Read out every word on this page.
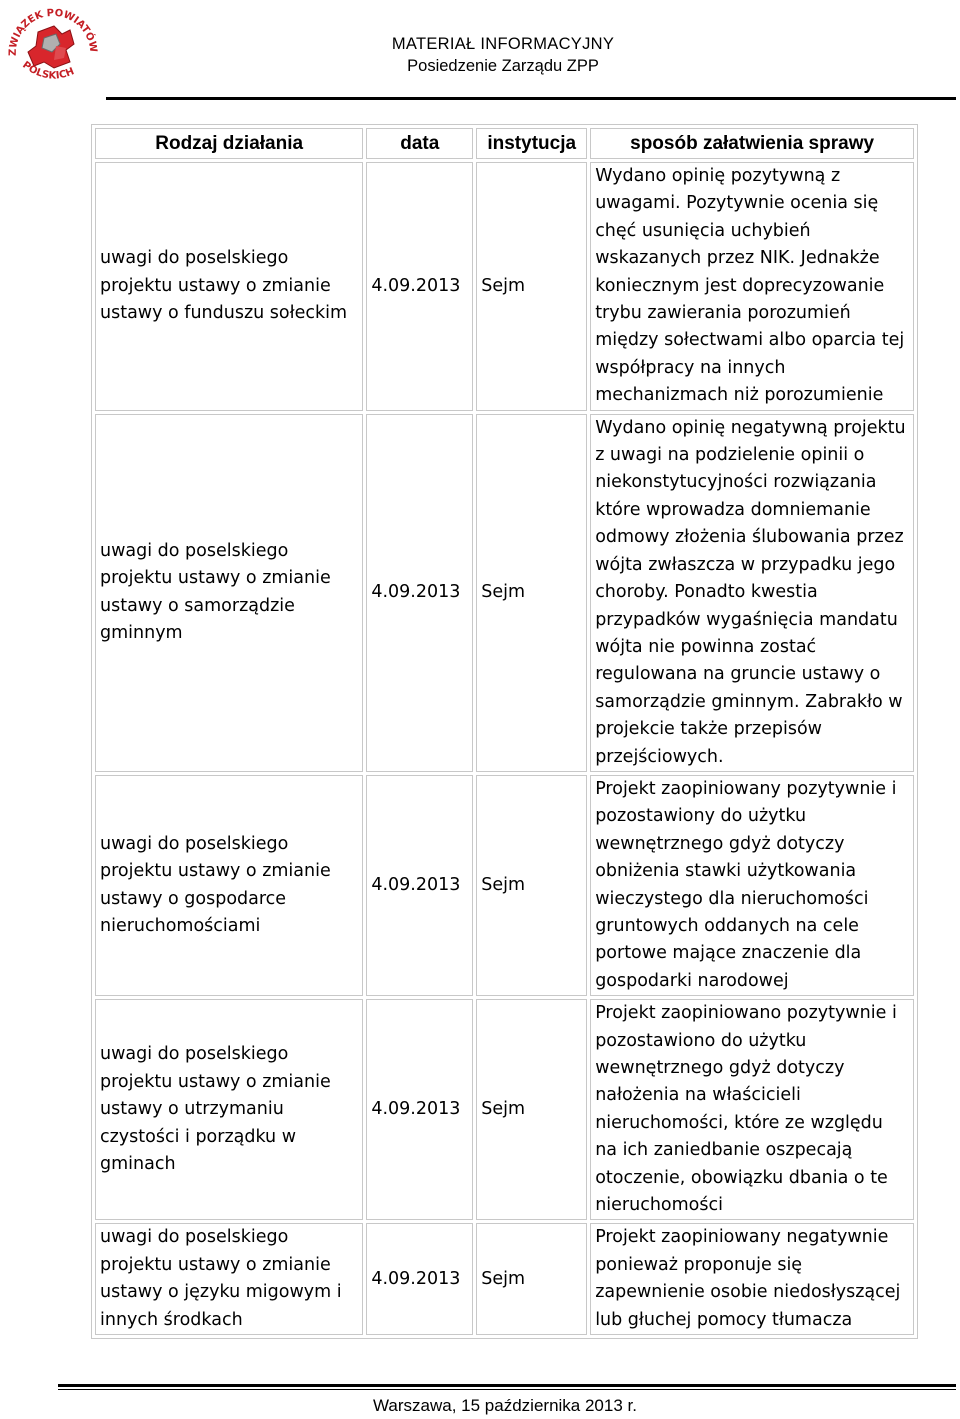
ZWIĄZEK POWIATÓW
POLSKICH
MATERIAŁ INFORMACYJNY
Posiedzenie Zarządu ZPP
Rodzaj działania	data	instytucja	sposób załatwienia sprawy
uwagi do poselskiego projektu ustawy o zmianie ustawy o funduszu sołeckim	4.09.2013	Sejm	Wydano opinię pozytywną z uwagami. Pozytywnie ocenia się chęć usunięcia uchybień wskazanych przez NIK. Jednakże koniecznym jest doprecyzowanie trybu zawierania porozumień między sołectwami albo oparcia tej współpracy na innych mechanizmach niż porozumienie
uwagi do poselskiego projektu ustawy o zmianie ustawy o samorządzie gminnym	4.09.2013	Sejm	Wydano opinię negatywną projektu z uwagi na podzielenie opinii o niekonstytucyjności rozwiązania które wprowadza domniemanie odmowy złożenia ślubowania przez wójta zwłaszcza w przypadku jego choroby. Ponadto kwestia przypadków wygaśnięcia mandatu wójta nie powinna zostać regulowana na gruncie ustawy o samorządzie gminnym. Zabrakło w projekcie także przepisów przejściowych.
uwagi do poselskiego projektu ustawy o zmianie ustawy o gospodarce nieruchomościami	4.09.2013	Sejm	Projekt zaopiniowany pozytywnie i pozostawiony do użytku wewnętrznego gdyż dotyczy obniżenia stawki użytkowania wieczystego dla nieruchomości gruntowych oddanych na cele portowe mające znaczenie dla gospodarki narodowej
uwagi do poselskiego projektu ustawy o zmianie ustawy o utrzymaniu czystości i porządku w gminach	4.09.2013	Sejm	Projekt zaopiniowano pozytywnie i pozostawiono do użytku wewnętrznego gdyż dotyczy nałożenia na właścicieli nieruchomości, które ze względu na ich zaniedbanie oszpecają otoczenie, obowiązku dbania o te nieruchomości
uwagi do poselskiego projektu ustawy o zmianie ustawy o języku migowym i innych środkach	4.09.2013	Sejm	Projekt zaopiniowany negatywnie ponieważ proponuje się zapewnienie osobie niedosłyszącej lub głuchej pomocy tłumacza
Warszawa, 15 października 2013 r.
